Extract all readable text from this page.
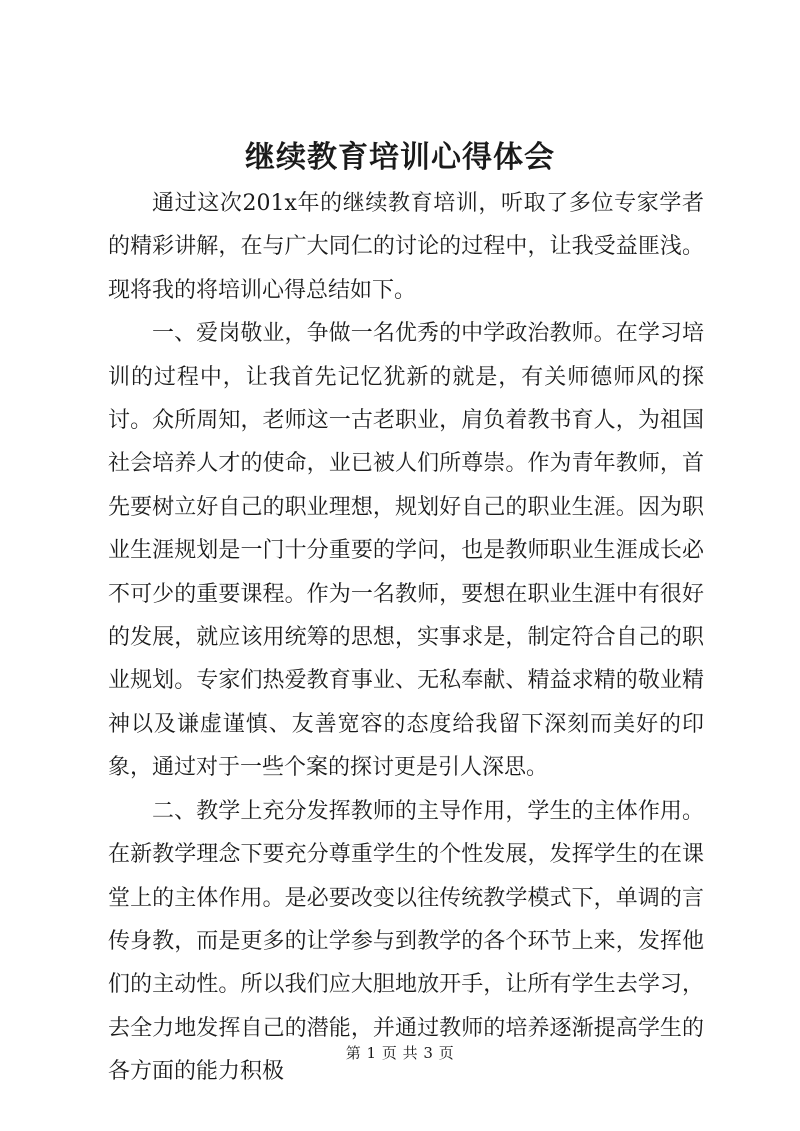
继续教育培训心得体会

通过这次201x年的继续教育培训，听取了多位专家学者的精彩讲解，在与广大同仁的讨论的过程中，让我受益匪浅。现将我的将培训心得总结如下。

一、爱岗敬业，争做一名优秀的中学政治教师。在学习培训的过程中，让我首先记忆犹新的就是，有关师德师风的探讨。众所周知，老师这一古老职业，肩负着教书育人，为祖国社会培养人才的使命，业已被人们所尊崇。作为青年教师，首先要树立好自己的职业理想，规划好自己的职业生涯。因为职业生涯规划是一门十分重要的学问，也是教师职业生涯成长必不可少的重要课程。作为一名教师，要想在职业生涯中有很好的发展，就应该用统筹的思想，实事求是，制定符合自己的职业规划。专家们热爱教育事业、无私奉献、精益求精的敬业精神以及谦虚谨慎、友善宽容的态度给我留下深刻而美好的印象，通过对于一些个案的探讨更是引人深思。

二、教学上充分发挥教师的主导作用，学生的主体作用。在新教学理念下要充分尊重学生的个性发展，发挥学生的在课堂上的主体作用。是必要改变以往传统教学模式下，单调的言传身教，而是更多的让学参与到教学的各个环节上来，发挥他们的主动性。所以我们应大胆地放开手，让所有学生去学习，去全力地发挥自己的潜能，并通过教师的培养逐渐提高学生的各方面的能力积极

第 1 页 共 3 页
